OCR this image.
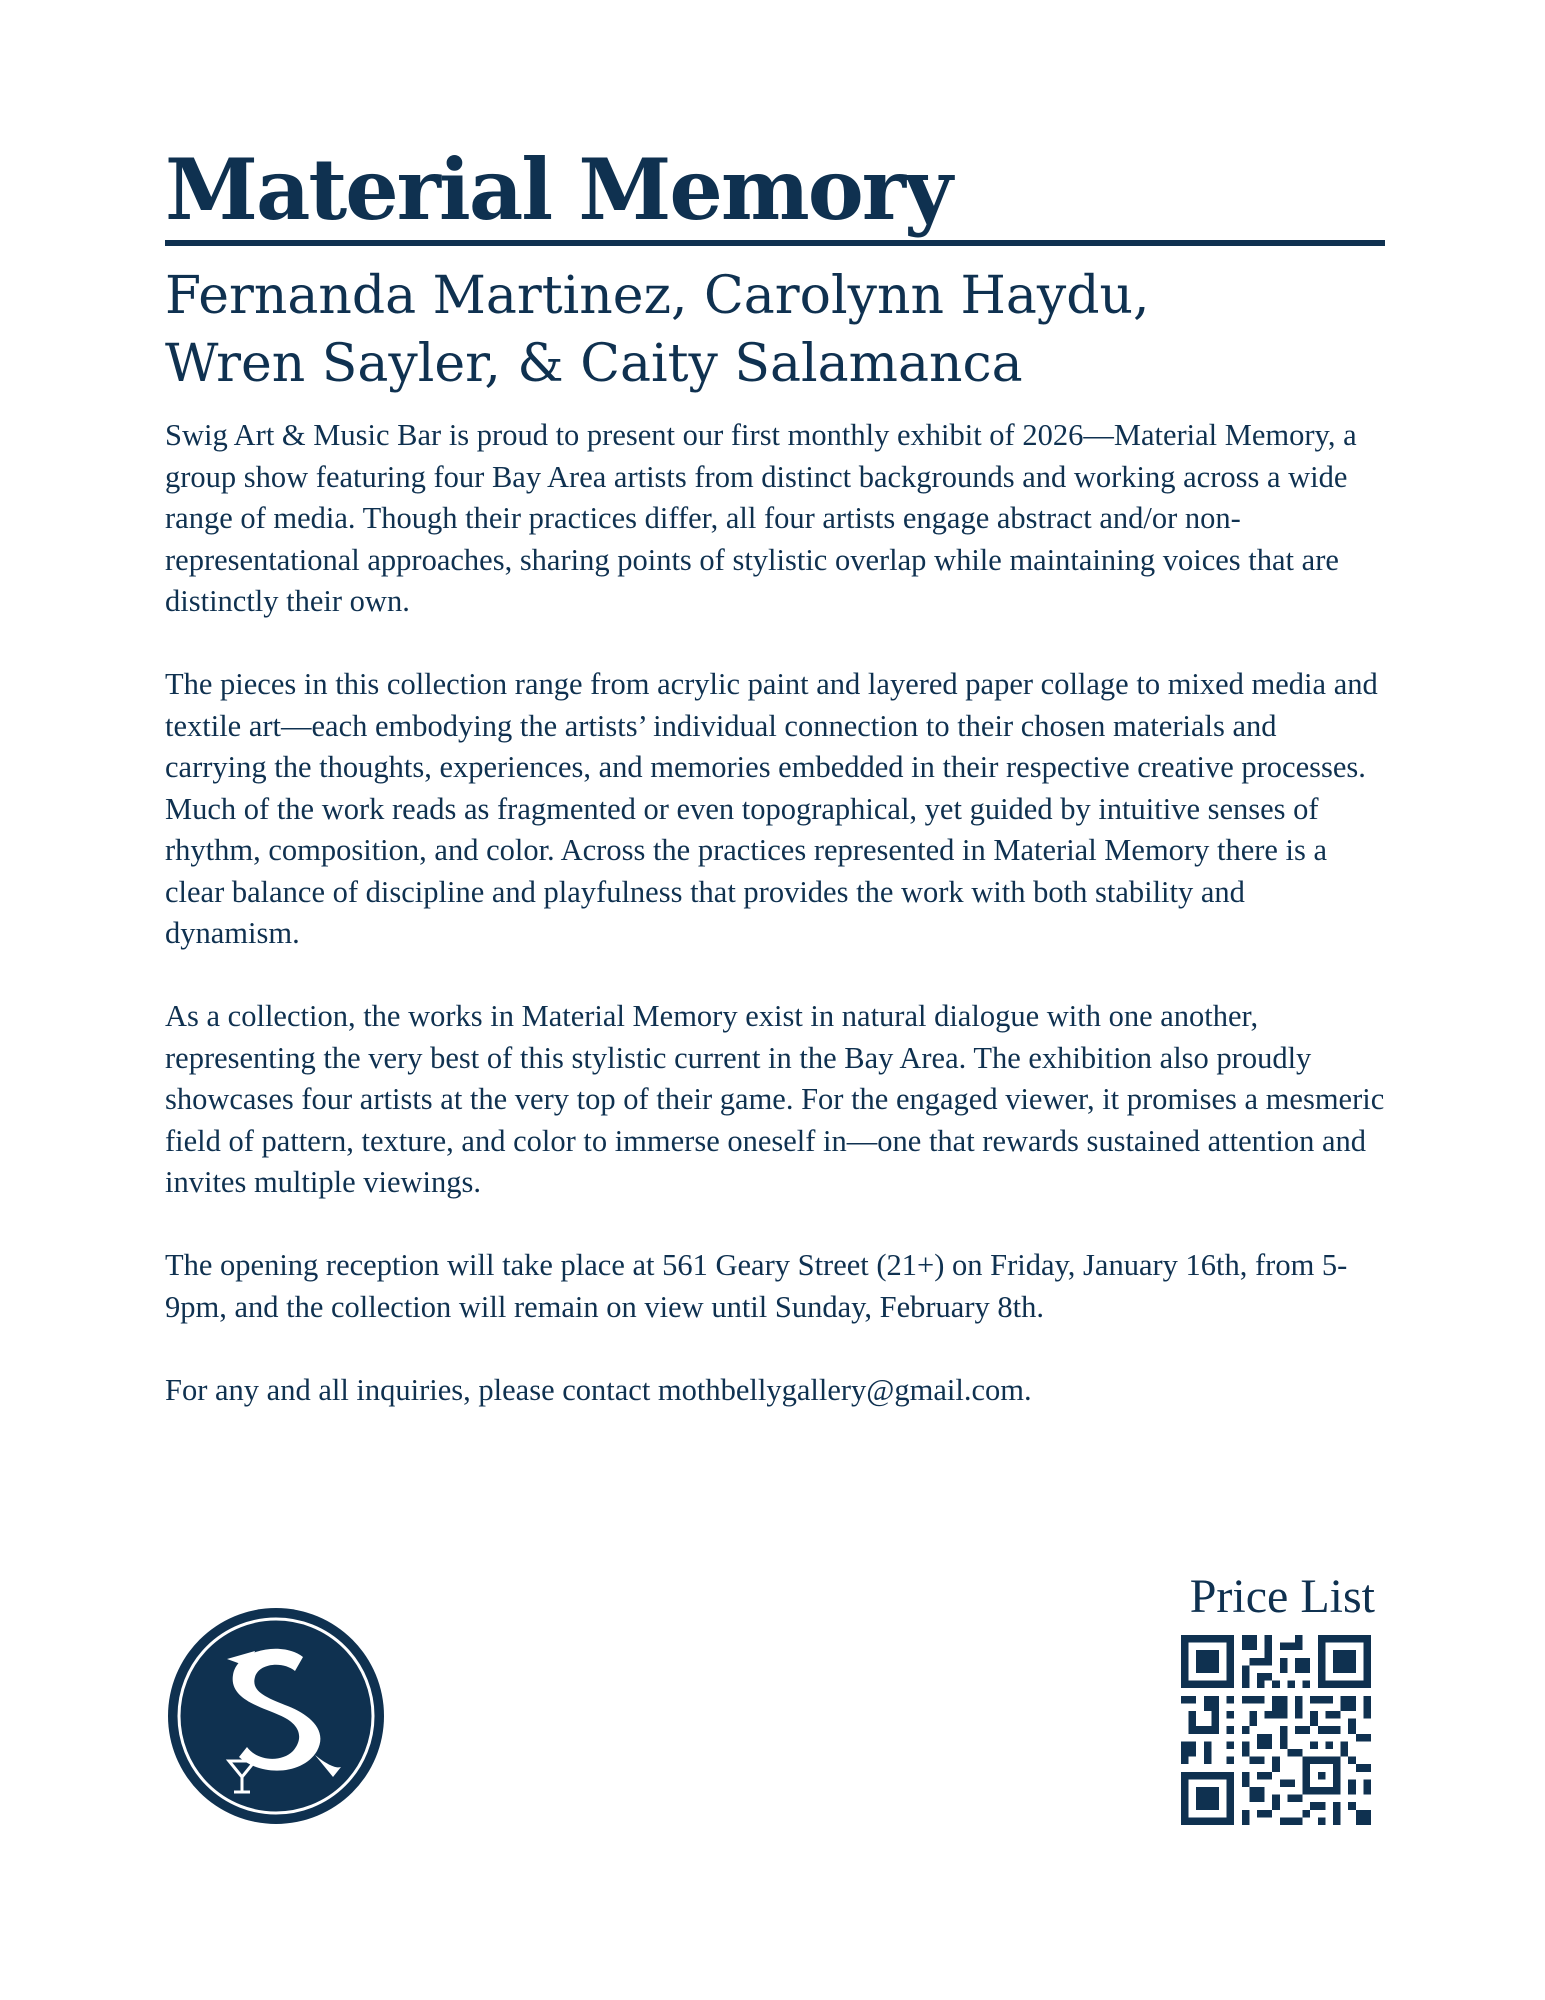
Material Memory
Fernanda Martinez, Carolynn Haydu,
Wren Sayler, & Caity Salamanca

Swig Art & Music Bar is proud to present our first monthly exhibit of 2026—Material Memory, a group show featuring four Bay Area artists from distinct backgrounds and working across a wide range of media. Though their practices differ, all four artists engage abstract and/or non-representational approaches, sharing points of stylistic overlap while maintaining voices that are distinctly their own.

The pieces in this collection range from acrylic paint and layered paper collage to mixed media and textile art—each embodying the artists’ individual connection to their chosen materials and carrying the thoughts, experiences, and memories embedded in their respective creative processes. Much of the work reads as fragmented or even topographical, yet guided by intuitive senses of rhythm, composition, and color. Across the practices represented in Material Memory there is a clear balance of discipline and playfulness that provides the work with both stability and dynamism.

As a collection, the works in Material Memory exist in natural dialogue with one another, representing the very best of this stylistic current in the Bay Area. The exhibition also proudly showcases four artists at the very top of their game. For the engaged viewer, it promises a mesmeric field of pattern, texture, and color to immerse oneself in—one that rewards sustained attention and invites multiple viewings.

The opening reception will take place at 561 Geary Street (21+) on Friday, January 16th, from 5-9pm, and the collection will remain on view until Sunday, February 8th.

For any and all inquiries, please contact mothbellygallery@gmail.com.

Price List
